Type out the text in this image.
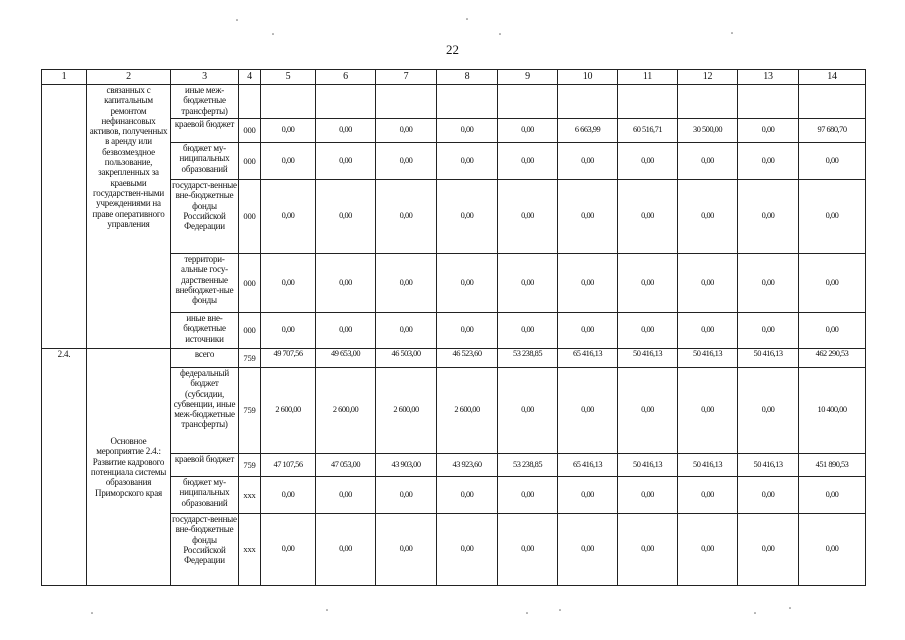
22
1	2	3	4	5	6	7	8	9	10	11	12	13	14
	связанных с капитальным ремонтом нефинансовых активов, полученных в аренду или безвозмездное пользование, закрепленных за краевыми государствен-ными учреждениями на праве оперативного управления	иные меж-бюджетные трансферты)											
		краевой бюджет	000	0,00	0,00	0,00	0,00	0,00	6 663,99	60 516,71	30 500,00	0,00	97 680,70
		бюджет му-ниципальных образований	000	0,00	0,00	0,00	0,00	0,00	0,00	0,00	0,00	0,00	0,00
		государст-венные вне-бюджетные фонды Российской Федерации	000	0,00	0,00	0,00	0,00	0,00	0,00	0,00	0,00	0,00	0,00
		территори-альные госу-дарственные внебюджет-ные фонды	000	0,00	0,00	0,00	0,00	0,00	0,00	0,00	0,00	0,00	0,00
		иные вне-бюджетные источники	000	0,00	0,00	0,00	0,00	0,00	0,00	0,00	0,00	0,00	0,00
2.4.	Основное мероприятие 2.4.: Развитие кадрового потенциала системы образования Приморского края	всего	759	49 707,56	49 653,00	46 503,00	46 523,60	53 238,85	65 416,13	50 416,13	50 416,13	50 416,13	462 290,53
		федеральный бюджет (субсидии, субвенции, иные меж-бюджетные трансферты)	759	2 600,00	2 600,00	2 600,00	2 600,00	0,00	0,00	0,00	0,00	0,00	10 400,00
		краевой бюджет	759	47 107,56	47 053,00	43 903,00	43 923,60	53 238,85	65 416,13	50 416,13	50 416,13	50 416,13	451 890,53
		бюджет му-ниципальных образований	xxx	0,00	0,00	0,00	0,00	0,00	0,00	0,00	0,00	0,00	0,00
		государст-венные вне-бюджетные фонды Российской Федерации	xxx	0,00	0,00	0,00	0,00	0,00	0,00	0,00	0,00	0,00	0,00
